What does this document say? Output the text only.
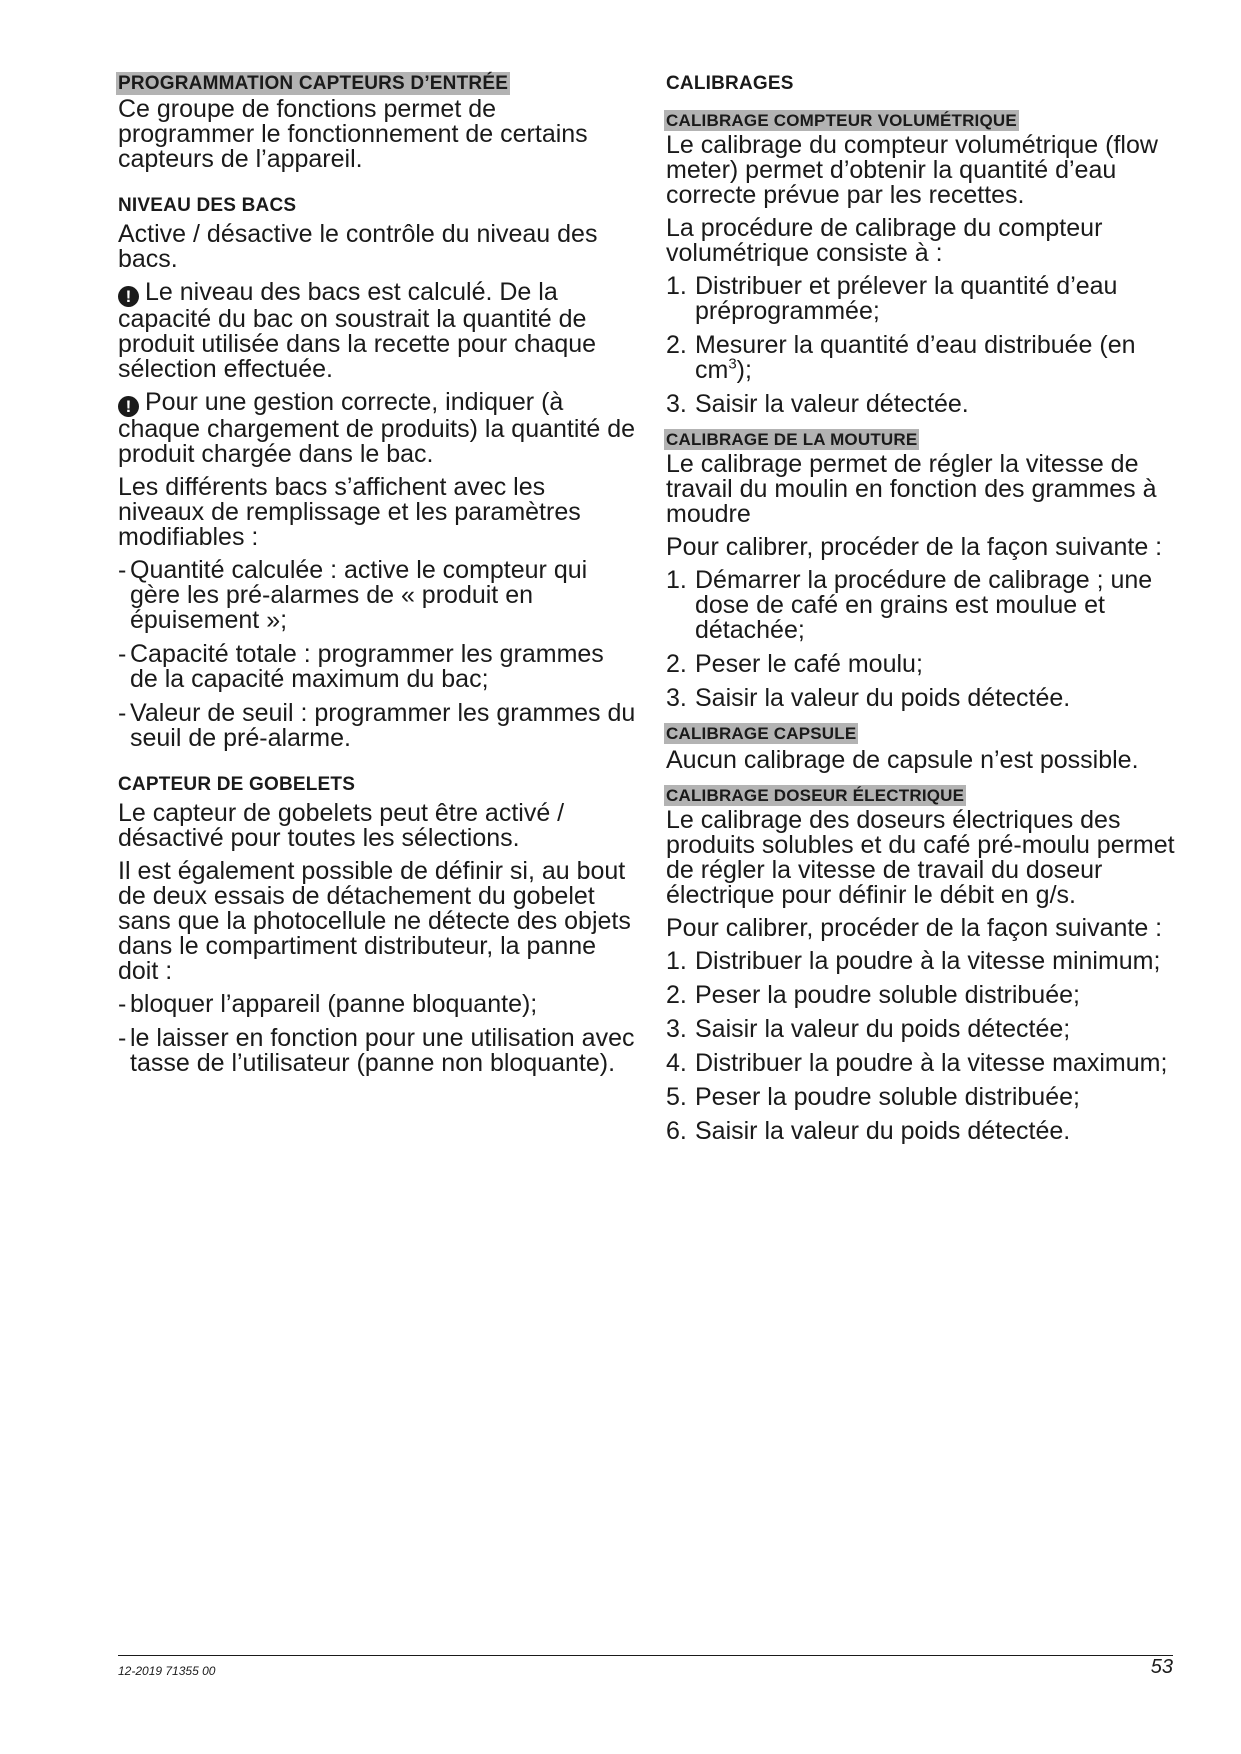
PROGRAMMATION CAPTEURS D’ENTRÉE

Ce groupe de fonctions permet de programmer le fonctionnement de certains capteurs de l’appareil.

NIVEAU DES BACS

Active / désactive le contrôle du niveau des bacs.

! Le niveau des bacs est calculé. De la capacité du bac on soustrait la quantité de produit utilisée dans la recette pour chaque sélection effectuée.

! Pour une gestion correcte, indiquer (à chaque chargement de produits) la quantité de produit chargée dans le bac.

Les différents bacs s’affichent avec les niveaux de remplissage et les paramètres modifiables :

- Quantité calculée : active le compteur qui gère les pré-alarmes de « produit en épuisement »;
- Capacité totale : programmer les grammes de la capacité maximum du bac;
- Valeur de seuil : programmer les grammes du seuil de pré-alarme.
CAPTEUR DE GOBELETS

Le capteur de gobelets peut être activé / désactivé pour toutes les sélections.

Il est également possible de définir si, au bout de deux essais de détachement du gobelet sans que la photocellule ne détecte des objets dans le compartiment distributeur, la panne doit :

- bloquer l’appareil (panne bloquante);
- le laisser en fonction pour une utilisation avec tasse de l’utilisateur (panne non bloquante).
CALIBRAGES
CALIBRAGE COMPTEUR VOLUMÉTRIQUE

Le calibrage du compteur volumétrique (flow meter) permet d’obtenir la quantité d’eau correcte prévue par les recettes.

La procédure de calibrage du compteur volumétrique consiste à :

1. Distribuer et prélever la quantité d’eau préprogrammée;
2. Mesurer la quantité d’eau distribuée (en $cm^3$);
3. Saisir la valeur détectée.
CALIBRAGE DE LA MOUTURE

Le calibrage permet de régler la vitesse de travail du moulin en fonction des grammes à moudre

Pour calibrer, procéder de la façon suivante :

1. Démarrer la procédure de calibrage ; une dose de café en grains est moulue et détachée;
2. Peser le café moulu;
3. Saisir la valeur du poids détectée.
CALIBRAGE CAPSULE

Aucun calibrage de capsule n’est possible.

CALIBRAGE DOSEUR ÉLECTRIQUE

Le calibrage des doseurs électriques des produits solubles et du café pré-moulu permet de régler la vitesse de travail du doseur électrique pour définir le débit en g/s.

Pour calibrer, procéder de la façon suivante :

1. Distribuer la poudre à la vitesse minimum;
2. Peser la poudre soluble distribuée;
3. Saisir la valeur du poids détectée;
4. Distribuer la poudre à la vitesse maximum;
5. Peser la poudre soluble distribuée;
6. Saisir la valeur du poids détectée.
12-2019 71355 00	53
